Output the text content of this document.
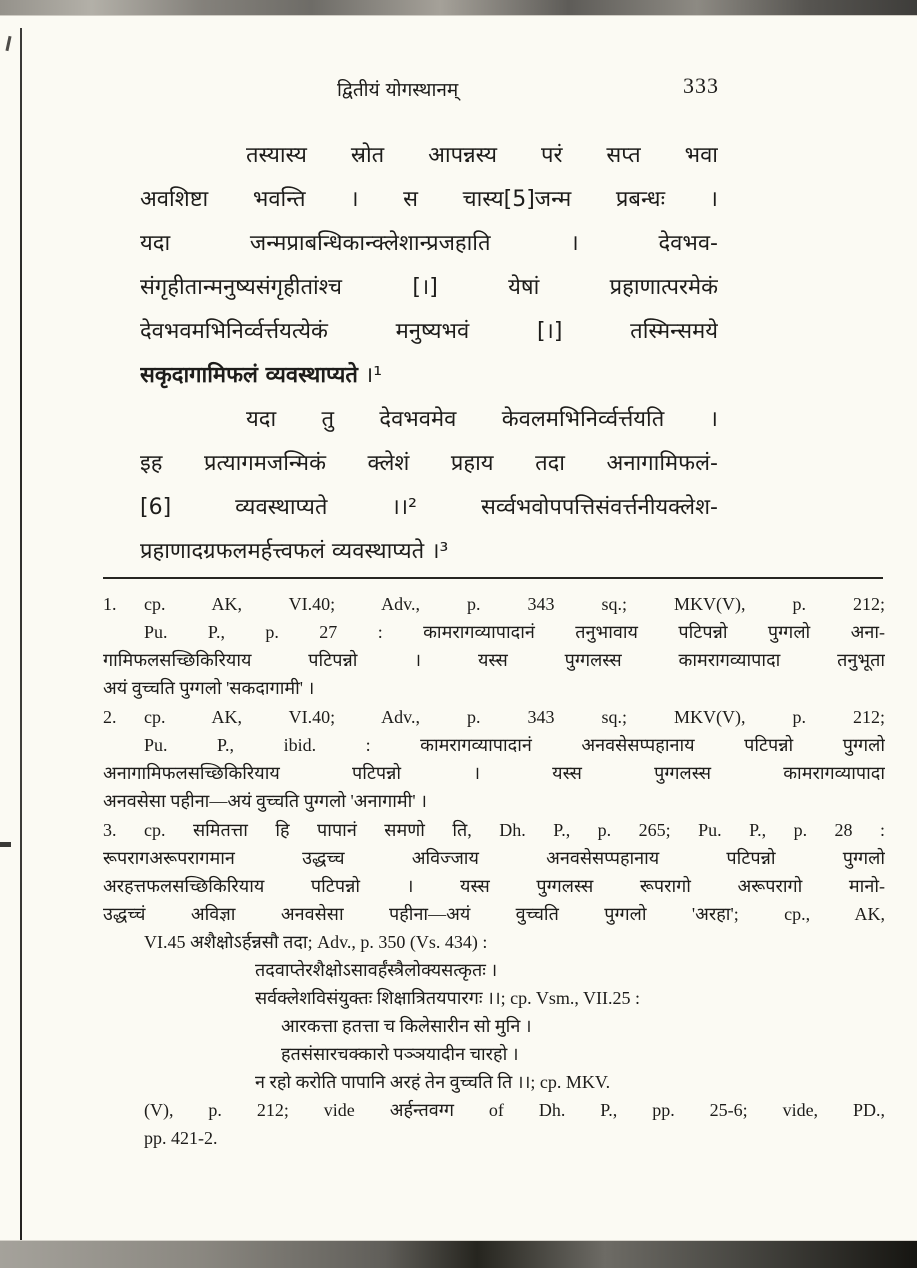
द्वितीयं योगस्थानम्	333
तस्यास्य स्रोत आपन्नस्य परं सप्त भवा
अवशिष्टा भवन्ति । स चास्य[5]जन्म प्रबन्धः ।
यदा जन्मप्राबन्धिकान्क्लेशान्प्रजहाति । देवभव-
संगृहीतान्मनुष्यसंगृहीतांश्च [।] येषां प्रहाणात्परमेकं
देवभवमभिनिर्व्वर्त्तयत्येकं मनुष्यभवं [।] तस्मिन्समये
सकृदागामिफलं व्यवस्थाप्यते ।¹
यदा तु देवभवमेव केवलमभिनिर्व्वर्त्तयति ।
इह प्रत्यागमजन्मिकं क्लेशं प्रहाय तदा अनागामिफलं-
[6] व्यवस्थाप्यते ।।² सर्व्वभवोपपत्तिसंवर्त्तनीयक्लेश-
प्रहाणादग्रफलमर्हत्त्वफलं व्यवस्थाप्यते ।³
1. cp. AK, VI.40; Adv., p. 343 sq.; MKV(V), p. 212;
Pu. P., p. 27 : कामरागव्यापादानं तनुभावाय पटिपन्नो पुग्गलो अना-
गामिफलसच्छिकिरियाय पटिपन्नो । यस्स पुग्गलस्स कामरागव्यापादा तनुभूता
अयं वुच्चति पुग्गलो 'सकदागामी' ।
2. cp. AK, VI.40; Adv., p. 343 sq.; MKV(V), p. 212;
Pu. P., ibid. : कामरागव्यापादानं अनवसेसप्पहानाय पटिपन्नो पुग्गलो
अनागामिफलसच्छिकिरियाय पटिपन्नो । यस्स पुग्गलस्स कामरागव्यापादा
अनवसेसा पहीना—अयं वुच्चति पुग्गलो 'अनागामी' ।
3. cp. समितत्ता हि पापानं समणो ति, Dh. P., p. 265; Pu. P., p. 28 :
रूपरागअरूपरागमान उद्धच्च अविज्जाय अनवसेसप्पहानाय पटिपन्नो पुग्गलो
अरहत्तफलसच्छिकिरियाय पटिपन्नो । यस्स पुग्गलस्स रूपरागो अरूपरागो मानो-
उद्धच्चं अविज्ञा अनवसेसा पहीना—अयं वुच्चति पुग्गलो 'अरहा'; cp., AK,
VI.45 अशैक्षोऽर्हन्नसौ तदा; Adv., p. 350 (Vs. 434) :
तदवाप्तेरशैक्षोऽसावर्हंस्त्रैलोक्यसत्कृतः ।
सर्वक्लेशविसंयुक्तः शिक्षात्रितयपारगः ।।; cp. Vsm., VII.25 :
आरकत्ता हतत्ता च किलेसारीन सो मुनि ।
हतसंसारचक्कारो पञ्ञयादीन चारहो ।
न रहो करोति पापानि अरहं तेन वुच्चति ति ।।; cp. MKV.
(V), p. 212; vide अर्हन्तवग्ग of Dh. P., pp. 25-6; vide, PD.,
pp. 421-2.
